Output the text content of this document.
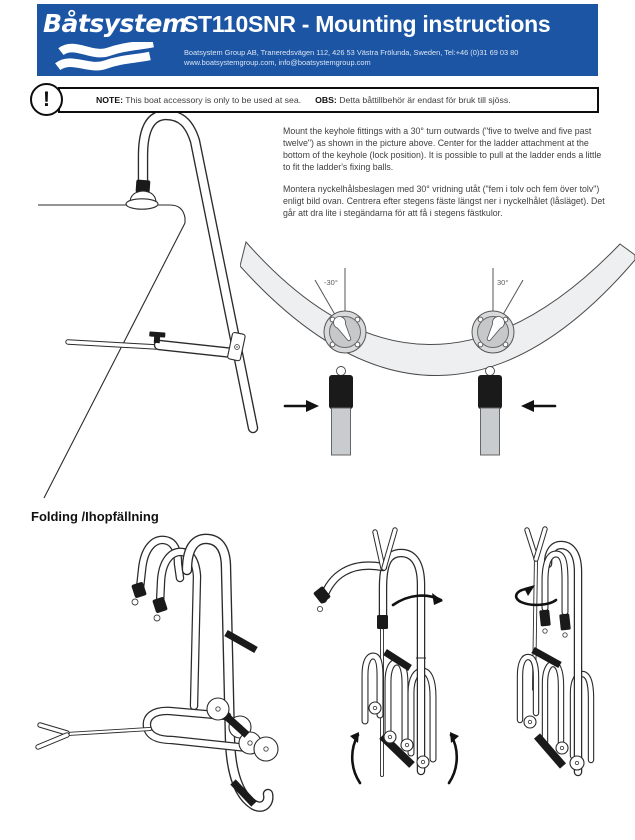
Båtsystem
ST110SNR - Mounting instructions
Boatsystem Group AB, Traneredsvägen 112, 426 53 Västra Frölunda, Sweden, Tel:+46 (0)31 69 03 80
www.boatsystemgroup.com, info@boatsystemgroup.com
!	NOTE: This boat accessory is only to be used at sea. OBS: Detta båttillbehör är endast för bruk till sjöss.
Mount the keyhole fittings with a 30° turn outwards ("five to twelve and five past twelve") as shown in the picture above. Center for the ladder attachment at the bottom of the keyhole (lock position). It is possible to pull at the ladder ends a little to fit the ladder's fixing balls.
Montera nyckelhålsbeslagen med 30° vridning utåt ("fem i tolv och fem över tolv") enligt bild ovan. Centrera efter stegens fäste längst ner i nyckelhålet (låsläget). Det går att dra lite i stegändarna för att få i stegens fästkulor.
-30°	30°
Folding /Ihopfällning
